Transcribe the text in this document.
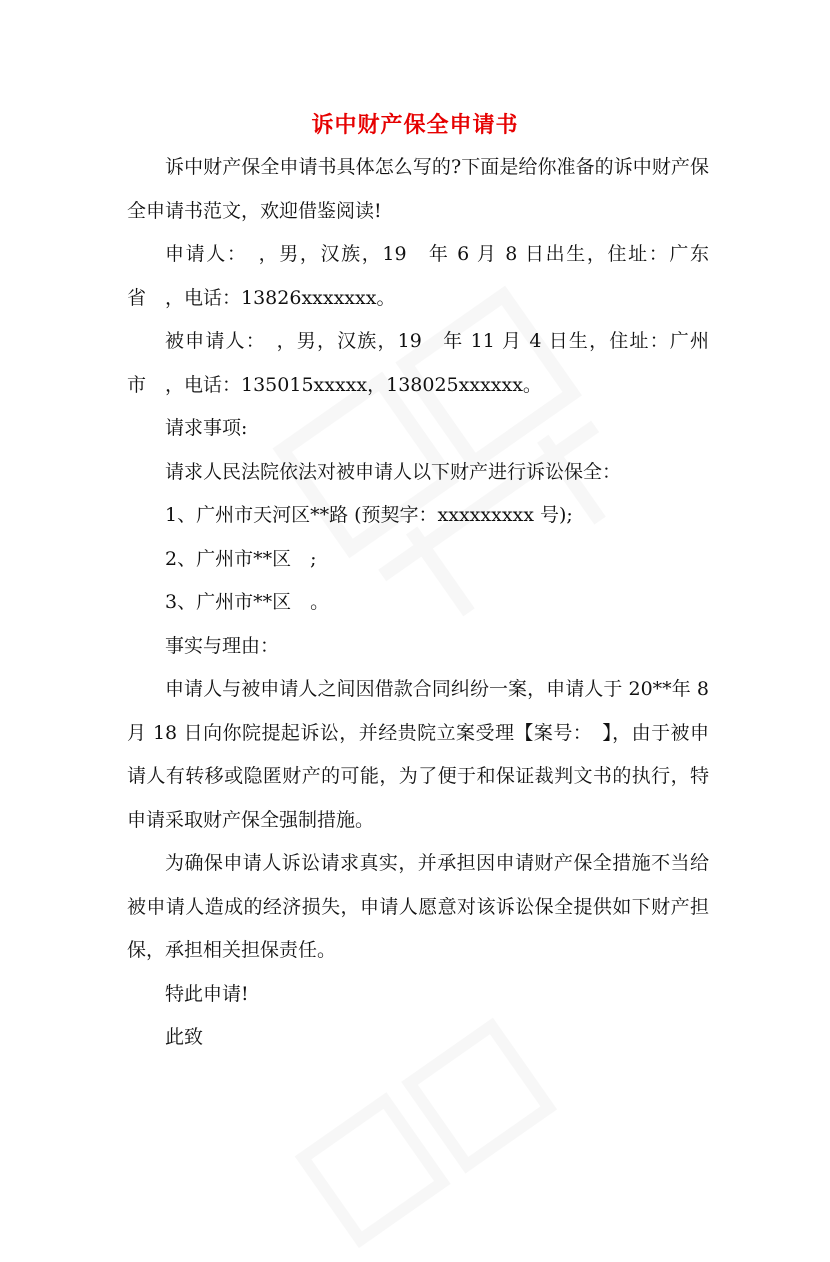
诉中财产保全申请书

诉中财产保全申请书具体怎么写的?下面是给你准备的诉中财产保全申请书范文，欢迎借鉴阅读!

申请人：　，男，汉族，19　年 6 月 8 日出生，住址：广东省　，电话：13826xxxxxxx。

被申请人：　，男，汉族，19　年 11 月 4 日生，住址：广州市　，电话：135015xxxxx，138025xxxxxx。

请求事项:

请求人民法院依法对被申请人以下财产进行诉讼保全：

1、广州市天河区**路 (预契字：xxxxxxxxx 号);

2、广州市**区　;

3、广州市**区　。

事实与理由：

申请人与被申请人之间因借款合同纠纷一案，申请人于 20**年 8 月 18 日向你院提起诉讼，并经贵院立案受理【案号：　】，由于被申请人有转移或隐匿财产的可能，为了便于和保证裁判文书的执行，特申请采取财产保全强制措施。

为确保申请人诉讼请求真实，并承担因申请财产保全措施不当给被申请人造成的经济损失，申请人愿意对该诉讼保全提供如下财产担保，承担相关担保责任。

特此申请!

此致
